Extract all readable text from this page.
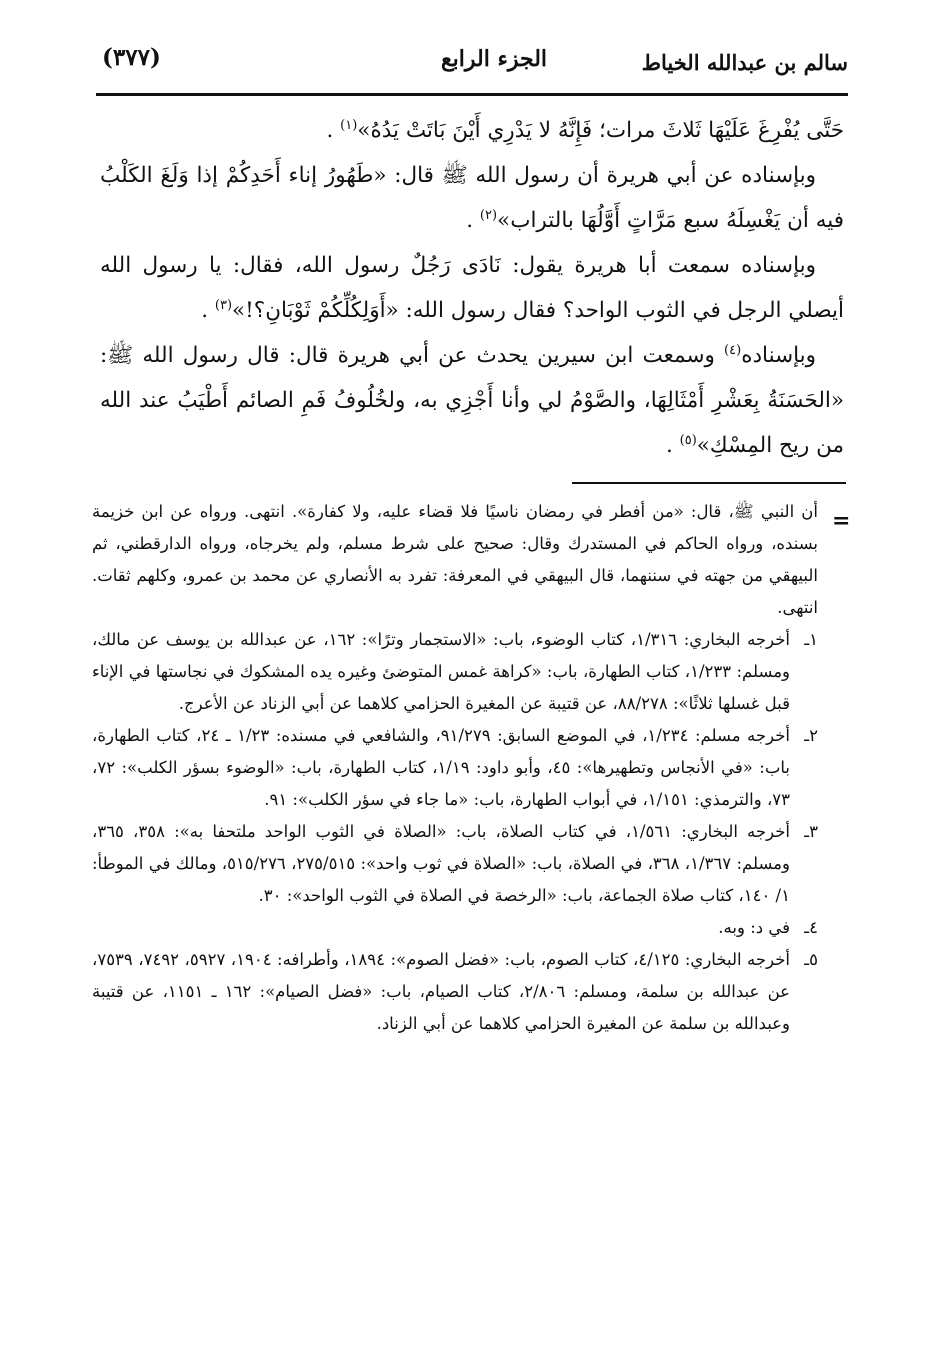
سالم بن عبدالله الخياط
الجزء الرابع
(٣٧٧)

حَتَّى يُفْرِغَ عَلَيْهَا ثَلاثَ مرات؛ فَإِنَّهُ لا يَدْرِي أَيْنَ بَاتَتْ يَدُهُ»$^{(١)}$ .

وبإسناده عن أبي هريرة أن رسول الله ﷺ قال: «طَهُورُ إناء أَحَدِكُمْ إذا وَلَغَ الكَلْبُ فيه أن يَغْسِلَهُ سبع مَرَّاتٍ أَوَّلُهَا بالتراب»$^{(٢)}$ .

وبإسناده سمعت أبا هريرة يقول: نَادَى رَجُلٌ رسول الله، فقال: يا رسول الله أيصلي الرجل في الثوب الواحد؟ فقال رسول الله: «أَوَلِكُلِّكُمْ ثَوْبَانِ؟!»$^{(٣)}$ .

وبإسناده$^{(٤)}$ وسمعت ابن سيرين يحدث عن أبي هريرة قال: قال رسول الله ﷺ: «الحَسَنَةُ بِعَشْرِ أَمْثَالِهَا، والصَّوْمُ لي وأنا أَجْزِي به، ولخُلُوفُ فَمِ الصائم أَطْيَبُ عند الله من ريح المِسْكِ»$^{(٥)}$ .

=

أن النبي ﷺ، قال: «من أفطر في رمضان ناسيًا فلا قضاء عليه، ولا كفارة». انتهى. ورواه عن ابن خزيمة بسنده، ورواه الحاكم في المستدرك وقال: صحيح على شرط مسلم، ولم يخرجاه، ورواه الدارقطني، ثم البيهقي من جهته في سننهما، قال البيهقي في المعرفة: تفرد به الأنصاري عن محمد بن عمرو، وكلهم ثقات. انتهى.

١ـأخرجه البخاري: ١/٣١٦، كتاب الوضوء، باب: «الاستجمار وترًا»: ١٦٢، عن عبدالله بن يوسف عن مالك، ومسلم: ١/٢٣٣، كتاب الطهارة، باب: «كراهة غمس المتوضئ وغيره يده المشكوك في نجاستها في الإناء قبل غسلها ثلاثًا»: ٨٨/٢٧٨، عن قتيبة عن المغيرة الحزامي كلاهما عن أبي الزناد عن الأعرج.

٢ـأخرجه مسلم: ١/٢٣٤، في الموضع السابق: ٩١/٢٧٩، والشافعي في مسنده: ١/٢٣ ـ ٢٤، كتاب الطهارة، باب: «في الأنجاس وتطهيرها»: ٤٥، وأبو داود: ١/١٩، كتاب الطهارة، باب: «الوضوء بسؤر الكلب»: ٧٢، ٧٣، والترمذي: ١/١٥١، في أبواب الطهارة، باب: «ما جاء في سؤر الكلب»: ٩١.

٣ـأخرجه البخاري: ١/٥٦١، في كتاب الصلاة، باب: «الصلاة في الثوب الواحد ملتحفا به»: ٣٥٨، ٣٦٥، ومسلم: ١/٣٦٧، ٣٦٨، في الصلاة، باب: «الصلاة في ثوب واحد»: ٢٧٥/٥١٥، ٥١٥/٢٧٦، ومالك في الموطأ: ١/ ١٤٠، كتاب صلاة الجماعة، باب: «الرخصة في الصلاة في الثوب الواحد»: ٣٠.

٤ـفي د: وبه.

٥ـأخرجه البخاري: ٤/١٢٥، كتاب الصوم، باب: «فضل الصوم»: ١٨٩٤، وأطرافه: ١٩٠٤، ٥٩٢٧، ٧٤٩٢، ٧٥٣٩، عن عبدالله بن سلمة، ومسلم: ٢/٨٠٦، كتاب الصيام، باب: «فضل الصيام»: ١٦٢ ـ ١١٥١، عن قتيبة وعبدالله بن سلمة عن المغيرة الحزامي كلاهما عن أبي الزناد.
